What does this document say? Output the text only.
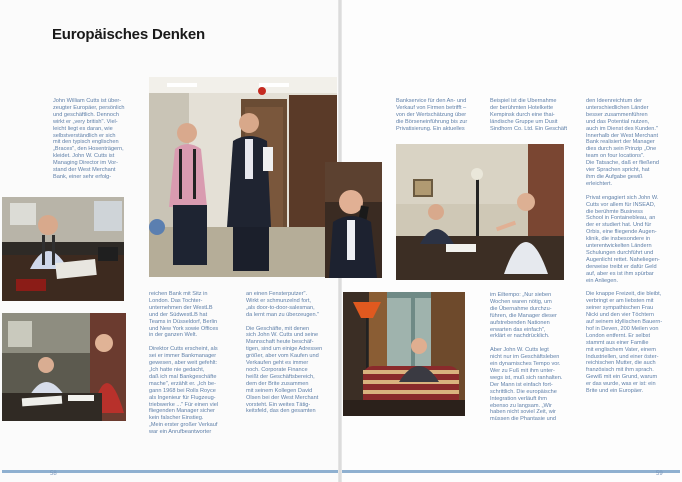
Europäisches Denken
John William Cutts ist über-
zeugter Europäer, persönlich
und geschäftlich. Dennoch
wirkt er „very british". Viel-
leicht liegt es daran, wie
selbstverständlich er sich
mit den typisch englischen
„Braces", den Hosenträgern,
kleidet. John W. Cutts ist
Managing Director im Vor-
stand der West Merchant
Bank, einer sehr erfolg-
reichen Bank mit Sitz in
London. Das Tochter-
unternehmen der WestLB
und der SüdwestLB hat
Teams in Düsseldorf, Berlin
und New York sowie Offices
in der ganzen Welt.

Direktor Cutts erscheint, als
sei er immer Bankmanager
gewesen, aber weit gefehlt:
„Ich hatte nie gedacht,
daß ich mal Bankgeschäfte
mache", erzählt er. „Ich be-
gann 1968 bei Rolls Royce
als Ingenieur für Flugzeug-
triebwerke ..." Für einen viel
fliegenden Manager sicher
kein falscher Einstieg.
„Mein erster großer Verkauf
war ein Anrufbeantworter
an einen Fensterputzer".
Wirkt er schmunzelnd fort,
„als door-to-door-salesman,
da lernt man zu überzeugen."

Die Geschäfte, mit denen
sich John W. Cutts und seine
Mannschaft heute beschäf-
tigen, sind um einige Adressen
größer, aber vom Kaufen und
Verkaufen geht es immer
noch. Corporate Finance
heißt der Geschäftsbereich,
dem der Brite zusammen
mit seinem Kollegen David
Olsen bei der West Merchant
vorsteht. Ein weites Tätig-
keitsfeld, das den gesamten
Bankservice für den An- und
Verkauf von Firmen betrifft –
von der Wertschätzung über
die Börseneinführung bis zur
Privatisierung. Ein aktuelles
Beispiel ist die Übernahme
der berühmten Hotelkette
Kempinsk durch eine thai-
ländische Gruppe um Dusit
Sindhorn Co. Ltd. Ein Geschäft
den Ideenreichtum der
unterschiedlichen Länder
besser zusammenführen
und das Potential nutzen,
auch im Dienst des Kunden."
Innerhalb der West Merchant
Bank realisiert der Manager
dies durch sein Prinzip „One
team on four locations".
Die Tatsache, daß er fließend
vier Sprachen spricht, hat
ihm die Aufgabe gewiß
erleichtert.

Privat engagiert sich John W.
Cutts vor allem für INSEAD,
die berühmte Business
School in Fontainebleau, an
der er studiert hat. Und für
Orbis, eine fliegende Augen-
klinik, die insbesondere in
unterentwickelten Ländern
Schulungen durchführt und
Augenlicht rettet. Naheliegen-
derweise treibt er dafür Geld
auf, aber es ist ihm spürbar
ein Anliegen.

Die knappe Freizeit, die bleibt,
verbringt er am liebsten mit
seiner sympathischen Frau
Nicki und den vier Töchtern
auf seinem idyllischen Bauern-
hof in Deven, 200 Meilen von
London entfernt. Er selbst
stammt aus einer Familie
mit englischem Vater, einem
Industriellen, und einer öster-
reichischen Mutter, die auch
französisch mit ihm sprach.
Gewiß mit ein Grund, warum
er das wurde, was er ist: ein
Brite und ein Europäer.
im Eiltempo: „Nur sieben
Wochen waren nötig, um
die Übernahme durchzu-
führen, die Manager dieser
aufstrebenden Nationen
erwarten das einfach",
erklärt er nachdrücklich.

Aber John W. Cutts legt
nicht nur im Geschäftsleben
ein dynamisches Tempo vor.
Wer zu Fuß mit ihm unter-
wegs ist, muß sich ranhalten.
Der Mann ist einfach fort-
schrittlich. Die europäische
Integration verläuft ihm
ebenso zu langsam. „Wir
haben nicht soviel Zeit, wir
müssen die Phantasie und
58	59
